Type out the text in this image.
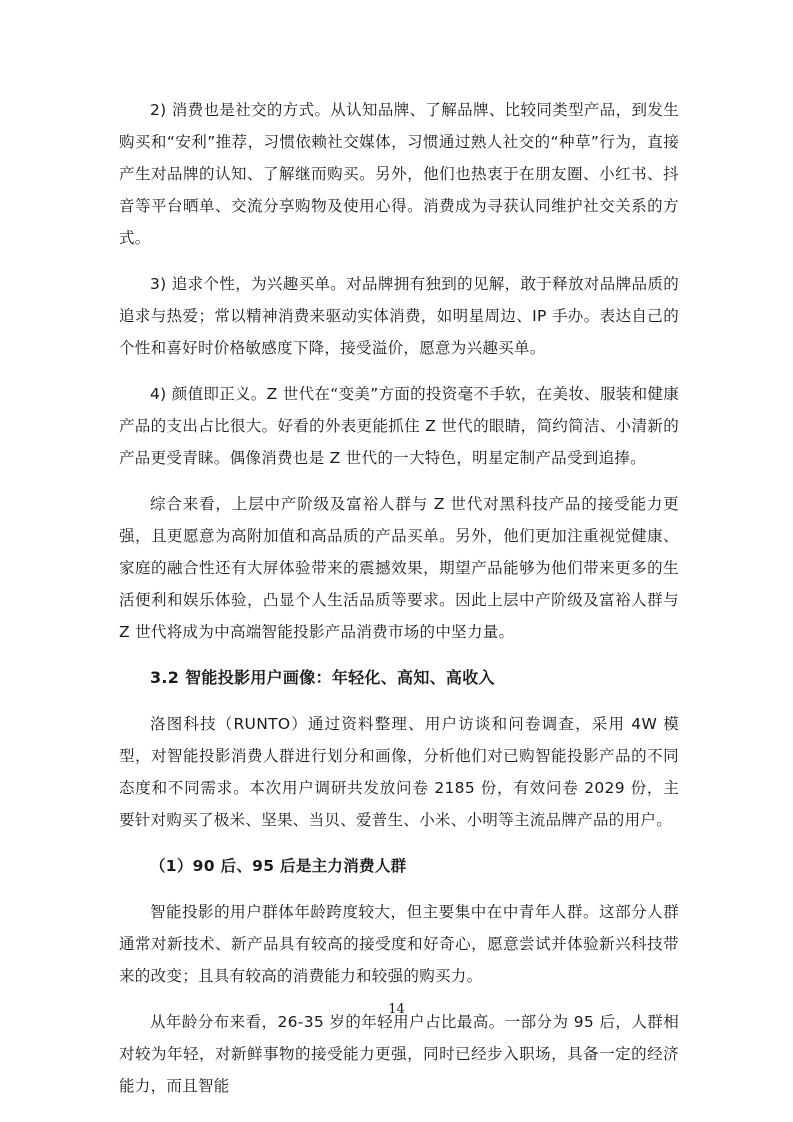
2) 消费也是社交的方式。从认知品牌、了解品牌、比较同类型产品，到发生购买和“安利”推荐，习惯依赖社交媒体，习惯通过熟人社交的“种草”行为，直接产生对品牌的认知、了解继而购买。另外，他们也热衷于在朋友圈、小红书、抖音等平台晒单、交流分享购物及使用心得。消费成为寻获认同维护社交关系的方式。

3) 追求个性，为兴趣买单。对品牌拥有独到的见解，敢于释放对品牌品质的追求与热爱；常以精神消费来驱动实体消费，如明星周边、IP 手办。表达自己的个性和喜好时价格敏感度下降，接受溢价，愿意为兴趣买单。

4) 颜值即正义。Z 世代在“变美”方面的投资毫不手软，在美妆、服装和健康产品的支出占比很大。好看的外表更能抓住 Z 世代的眼睛，简约简洁、小清新的产品更受青睐。偶像消费也是 Z 世代的一大特色，明星定制产品受到追捧。

综合来看，上层中产阶级及富裕人群与 Z 世代对黑科技产品的接受能力更强，且更愿意为高附加值和高品质的产品买单。另外，他们更加注重视觉健康、家庭的融合性还有大屏体验带来的震撼效果，期望产品能够为他们带来更多的生活便利和娱乐体验，凸显个人生活品质等要求。因此上层中产阶级及富裕人群与 Z 世代将成为中高端智能投影产品消费市场的中坚力量。

3.2 智能投影用户画像：年轻化、高知、高收入

洛图科技（RUNTO）通过资料整理、用户访谈和问卷调查，采用 4W 模型，对智能投影消费人群进行划分和画像，分析他们对已购智能投影产品的不同态度和不同需求。本次用户调研共发放问卷 2185 份，有效问卷 2029 份，主要针对购买了极米、坚果、当贝、爱普生、小米、小明等主流品牌产品的用户。

（1）90 后、95 后是主力消费人群

智能投影的用户群体年龄跨度较大，但主要集中在中青年人群。这部分人群通常对新技术、新产品具有较高的接受度和好奇心，愿意尝试并体验新兴科技带来的改变；且具有较高的消费能力和较强的购买力。

从年龄分布来看，26-35 岁的年轻用户占比最高。一部分为 95 后，人群相对较为年轻，对新鲜事物的接受能力更强，同时已经步入职场，具备一定的经济能力，而且智能

14
